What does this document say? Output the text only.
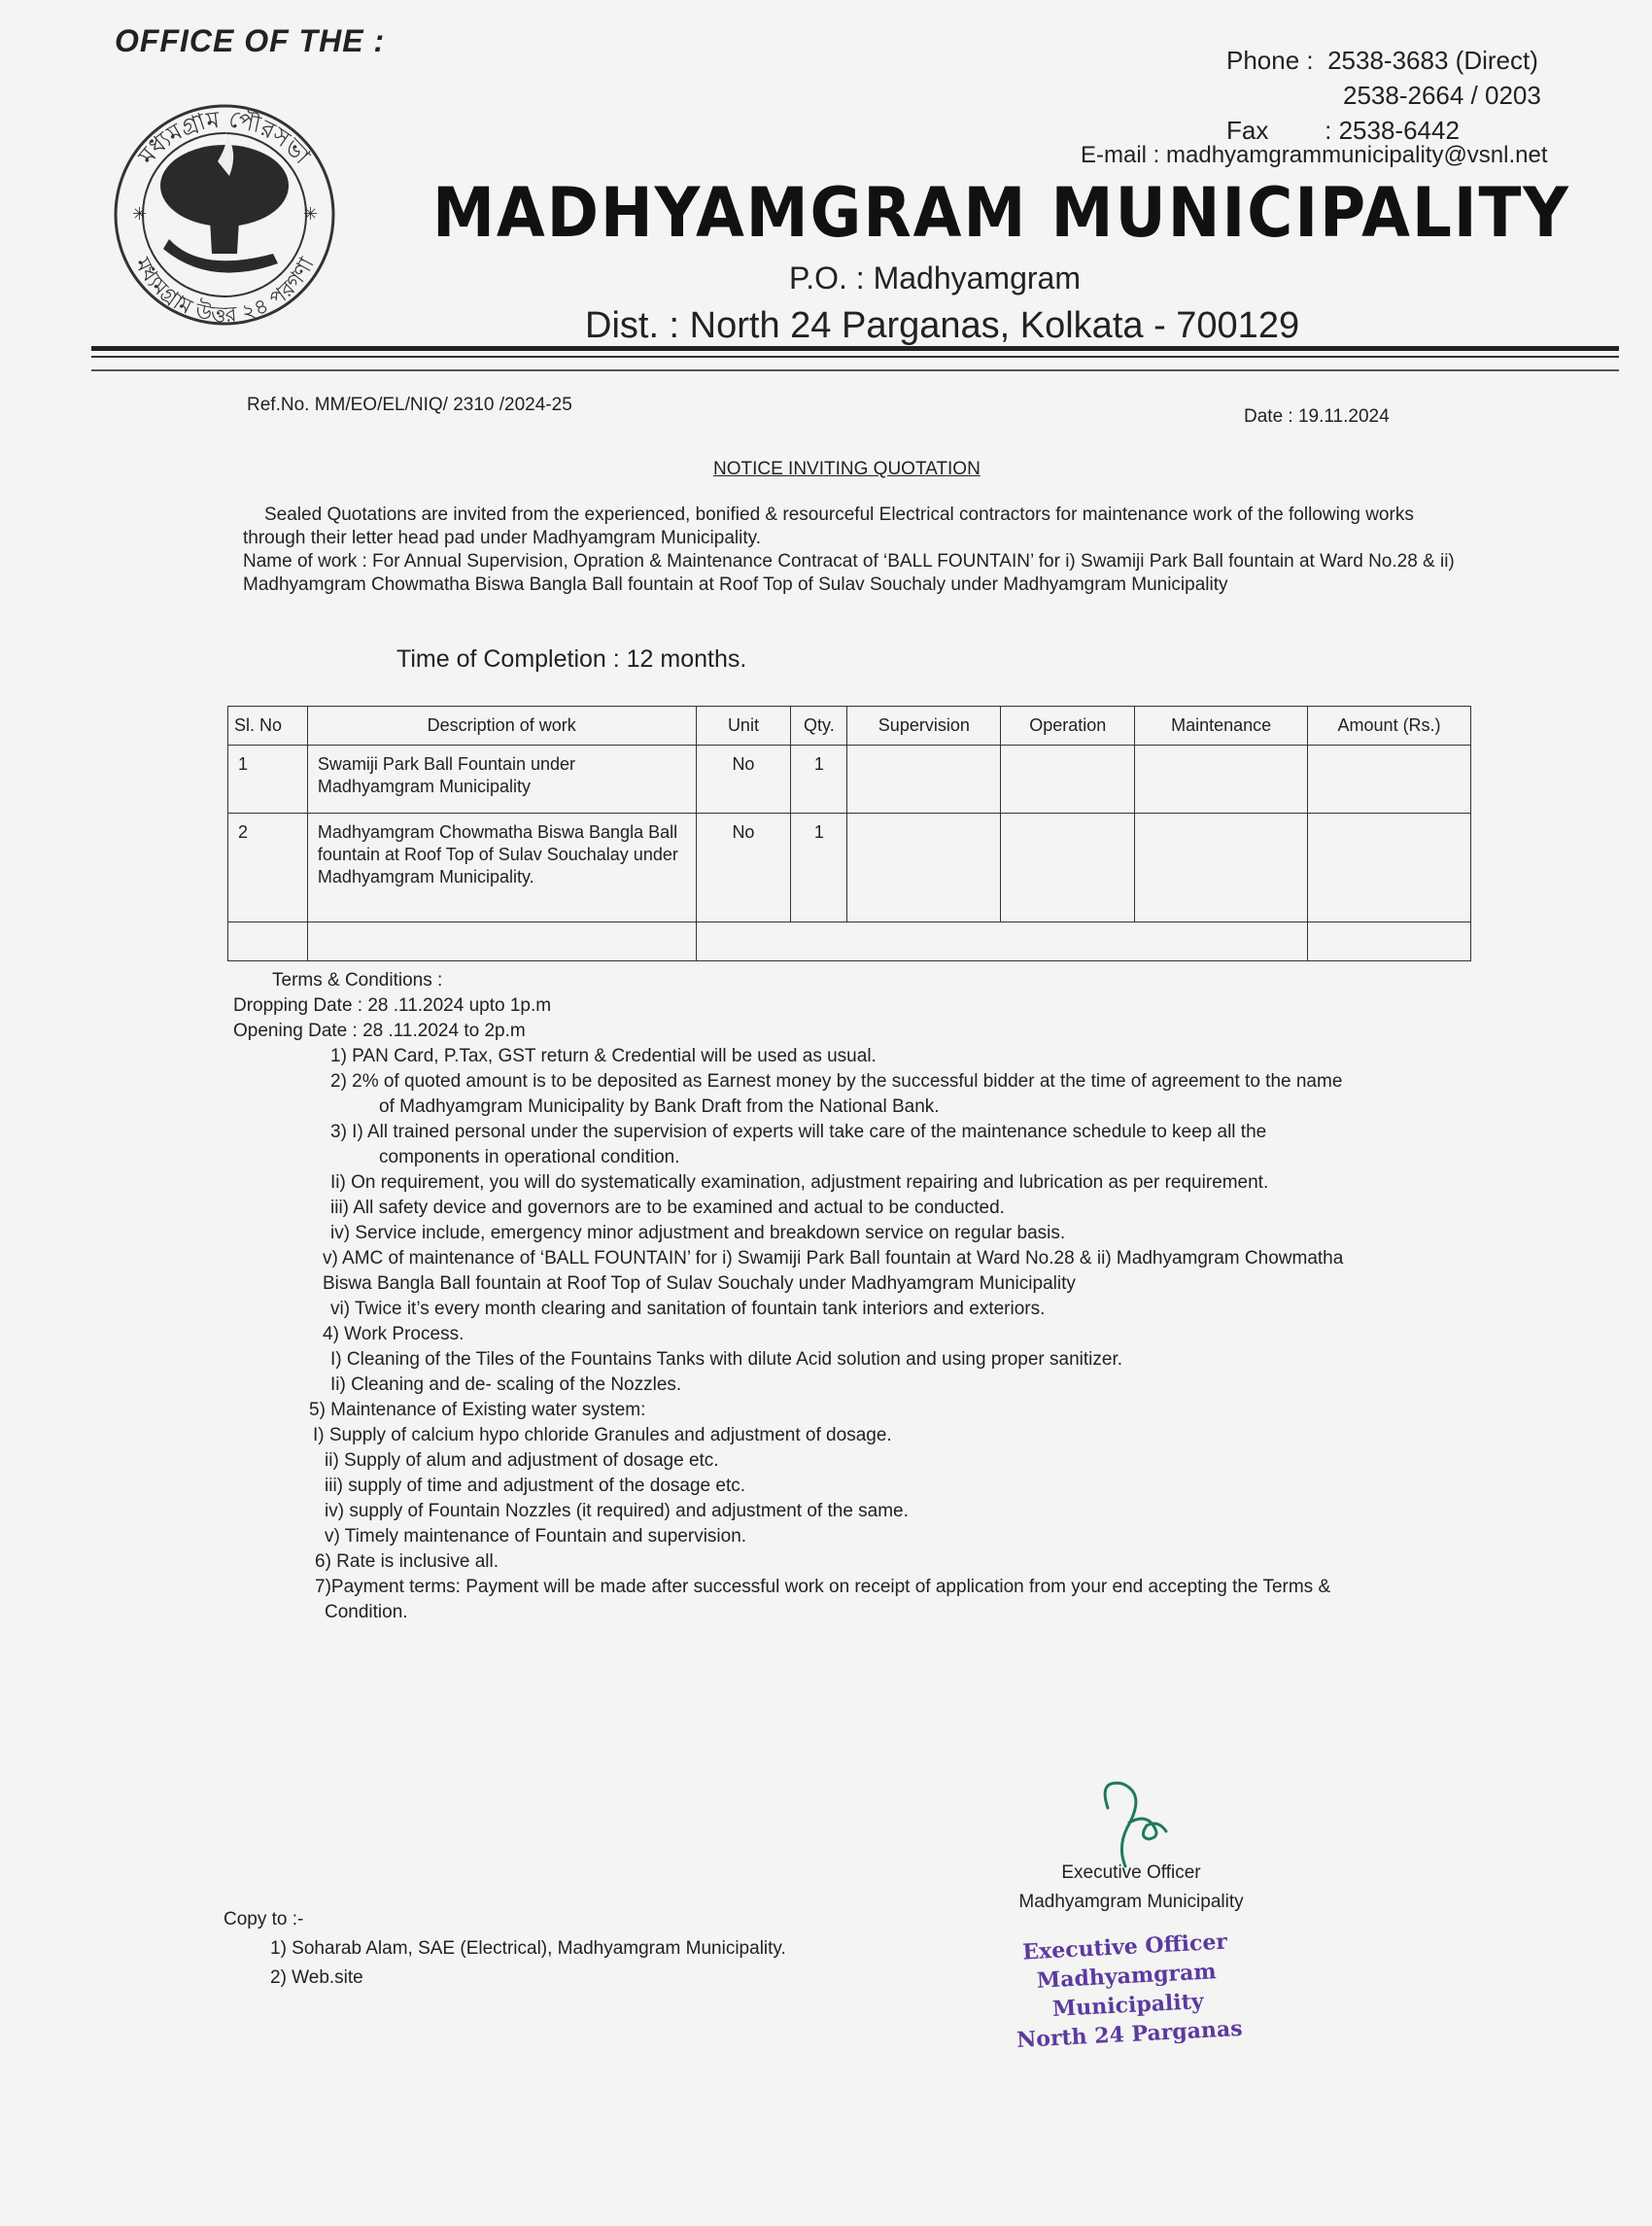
মধ্যমগ্রাম পৌরসভা
মধ্যমগ্রাম উত্তর ২৪ পরগণা
✳	✳
OFFICE OF THE :
Phone : 2538-3683 (Direct)
2538-2664 / 0203
Fax : 2538-6442
E-mail : madhyamgrammunicipality@vsnl.net
MADHYAMGRAM MUNICIPALITY
P.O. : Madhyamgram
Dist. : North 24 Parganas, Kolkata - 700129
Ref.No. MM/EO/EL/NIQ/ 2310 /2024-25
Date : 19.11.2024
NOTICE INVITING QUOTATION

Sealed Quotations are invited from the experienced, bonified & resourceful Electrical contractors for maintenance work of the following works through their letter head pad under Madhyamgram Municipality.

Name of work : For Annual Supervision, Opration & Maintenance Contracat of ‘BALL FOUNTAIN’ for i) Swamiji Park Ball fountain at Ward No.28 & ii) Madhyamgram Chowmatha Biswa Bangla Ball fountain at Roof Top of Sulav Souchaly under Madhyamgram Municipality

Time of Completion : 12 months.
Sl. No	Description of work	Unit	Qty.	Supervision	Operation	Maintenance	Amount (Rs.)
1	Swamiji Park Ball Fountain under Madhyamgram Municipality	No	1				
2	Madhyamgram Chowmatha Biswa Bangla Ball fountain at Roof Top of Sulav Souchalay under Madhyamgram Municipality.	No	1				

Terms & Conditions :
Dropping Date : 28 .11.2024 upto 1p.m
Opening Date : 28 .11.2024 to 2p.m
1) PAN Card, P.Tax, GST return & Credential will be used as usual.
2) 2% of quoted amount is to be deposited as Earnest money by the successful bidder at the time of agreement to the name
of Madhyamgram Municipality by Bank Draft from the National Bank.
3) I) All trained personal under the supervision of experts will take care of the maintenance schedule to keep all the
components in operational condition.
Ii) On requirement, you will do systematically examination, adjustment repairing and lubrication as per requirement.
iii) All safety device and governors are to be examined and actual to be conducted.
iv) Service include, emergency minor adjustment and breakdown service on regular basis.
v) AMC of maintenance of ‘BALL FOUNTAIN’ for i) Swamiji Park Ball fountain at Ward No.28 & ii) Madhyamgram Chowmatha
Biswa Bangla Ball fountain at Roof Top of Sulav Souchaly under Madhyamgram Municipality
vi) Twice it’s every month clearing and sanitation of fountain tank interiors and exteriors.
4) Work Process.
I) Cleaning of the Tiles of the Fountains Tanks with dilute Acid solution and using proper sanitizer.
Ii) Cleaning and de- scaling of the Nozzles.
5) Maintenance of Existing water system:
I) Supply of calcium hypo chloride Granules and adjustment of dosage.
ii) Supply of alum and adjustment of dosage etc.
iii) supply of time and adjustment of the dosage etc.
iv) supply of Fountain Nozzles (it required) and adjustment of the same.
v) Timely maintenance of Fountain and supervision.
6) Rate is inclusive all.
7)Payment terms: Payment will be made after successful work on receipt of application from your end accepting the Terms &
Condition.
Executive Officer
Madhyamgram Municipality
Executive Officer
Madhyamgram Municipality
North 24 Parganas
Copy to :-
1) Soharab Alam, SAE (Electrical), Madhyamgram Municipality.
2) Web.site
